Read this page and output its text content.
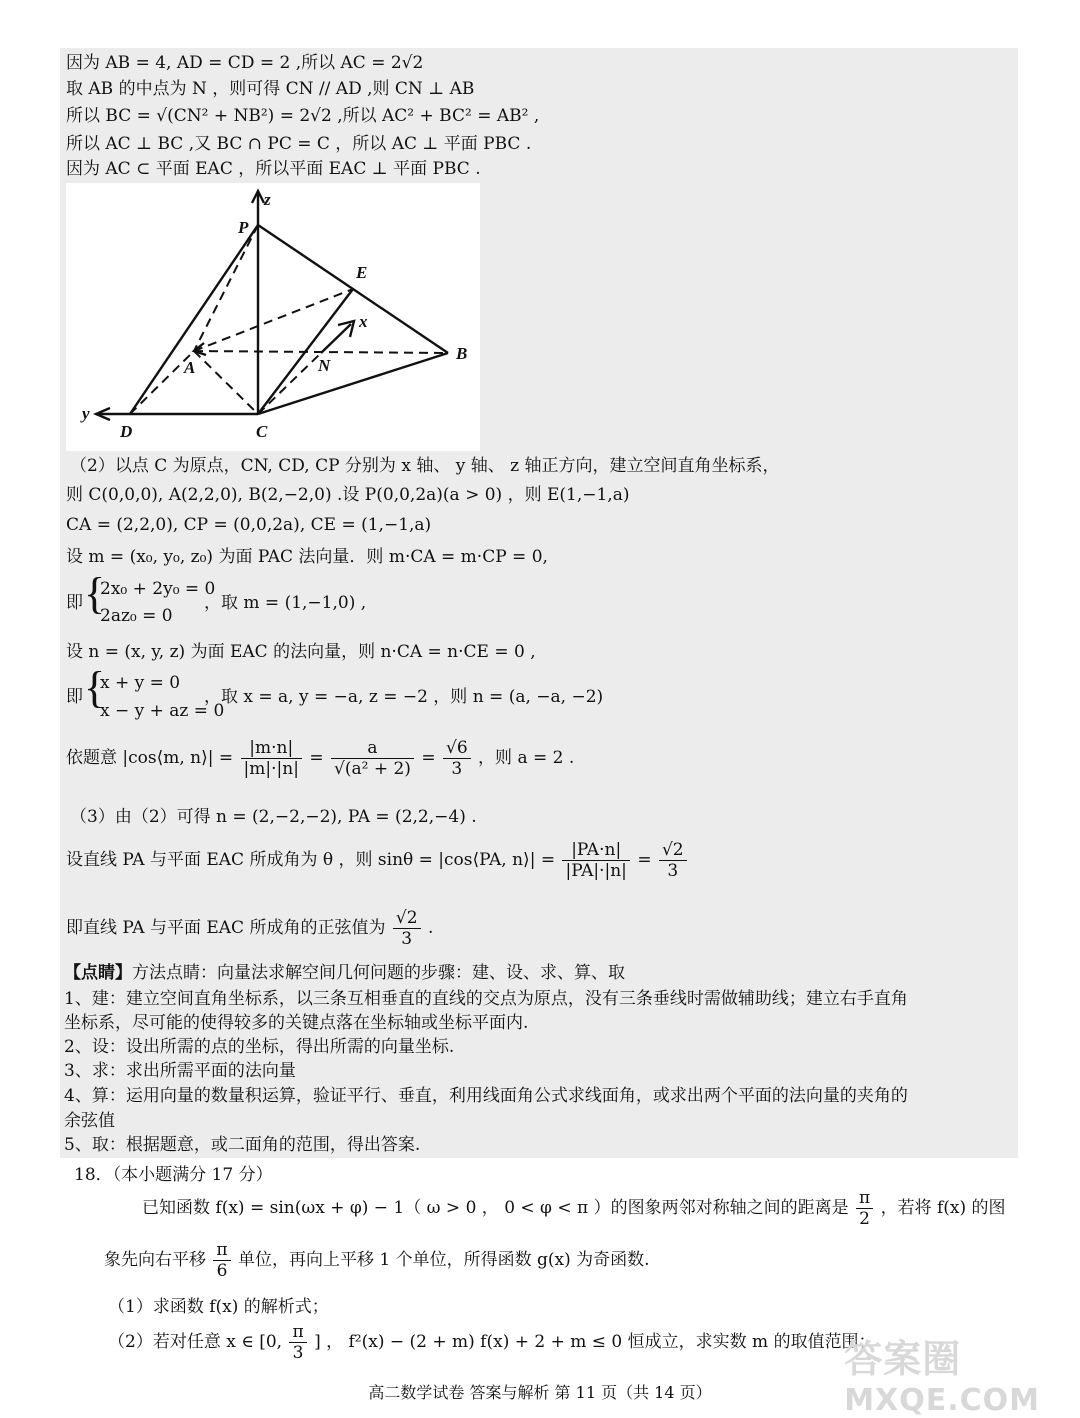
因为 AB = 4, AD = CD = 2 ,所以 AC = 2√2
取 AB 的中点为 N ，则可得 CN // AD ,则 CN ⊥ AB
所以 BC = √(CN² + NB²) = 2√2 ,所以 AC² + BC² = AB² ,
所以 AC ⊥ BC ,又 BC ∩ PC = C ，所以 AC ⊥ 平面 PBC .
因为 AC ⊂ 平面 EAC ，所以平面 EAC ⊥ 平面 PBC .
z
P
E
x
A	N
B
y
D	C
（2）以点 C 为原点，CN, CD, CP 分别为 x 轴、 y 轴、 z 轴正方向，建立空间直角坐标系，
则 C(0,0,0), A(2,2,0), B(2,−2,0) .设 P(0,0,2a)(a > 0) ，则 E(1,−1,a)
CA = (2,2,0), CP = (0,0,2a), CE = (1,−1,a)
设 m = (x₀, y₀, z₀) 为面 PAC 法向量．则 m·CA = m·CP = 0,
即 {
2x₀ + 2y₀ = 0
2az₀ = 0
，取 m = (1,−1,0) ,
设 n = (x, y, z) 为面 EAC 的法向量，则 n·CA = n·CE = 0 ,
即 {
x + y = 0
x − y + az = 0
，取 x = a, y = −a, z = −2 ，则 n = (a, −a, −2)
依题意 |cos⟨m, n⟩| = $\frac{|m\cdot n|}{|m|\cdot|n|} = \frac{a}{\text{√(a² + 2)}} = \frac{√6}{3}$ ，则 a = 2 .
（3）由（2）可得 n = (2,−2,−2), PA = (2,2,−4) .
设直线 PA 与平面 EAC 所成角为 θ ，则 sinθ = |cos⟨PA, n⟩| = $\frac{|PA\cdot n|}{|PA|\cdot|n|} = \frac{√2}{3}$
即直线 PA 与平面 EAC 所成角的正弦值为 $\frac{√2}{3}$ .
【点睛】方法点睛：向量法求解空间几何问题的步骤：建、设、求、算、取
1、建：建立空间直角坐标系，以三条互相垂直的直线的交点为原点，没有三条垂线时需做辅助线；建立右手直角
坐标系，尽可能的使得较多的关键点落在坐标轴或坐标平面内.
2、设：设出所需的点的坐标，得出所需的向量坐标.
3、求：求出所需平面的法向量
4、算：运用向量的数量积运算，验证平行、垂直，利用线面角公式求线面角，或求出两个平面的法向量的夹角的
余弦值
5、取：根据题意，或二面角的范围，得出答案.
18．（本小题满分 17 分）
已知函数 f(x) = sin(ωx + φ) − 1（ ω > 0 ， 0 < φ < π ）的图象两邻对称轴之间的距离是 $\frac{\pi}{2}$ ，若将 f(x) 的图
象先向右平移 $\frac{\pi}{6}$ 单位，再向上平移 1 个单位，所得函数 g(x) 为奇函数.
（1）求函数 f(x) 的解析式；
（2）若对任意 x ∈ [0, $\frac{\pi}{3}$ ] ， f²(x) − (2 + m) f(x) + 2 + m ≤ 0 恒成立，求实数 m 的取值范围；
答案圈
MXQE.COM
高二数学试卷 答案与解析 第 11 页（共 14 页）
